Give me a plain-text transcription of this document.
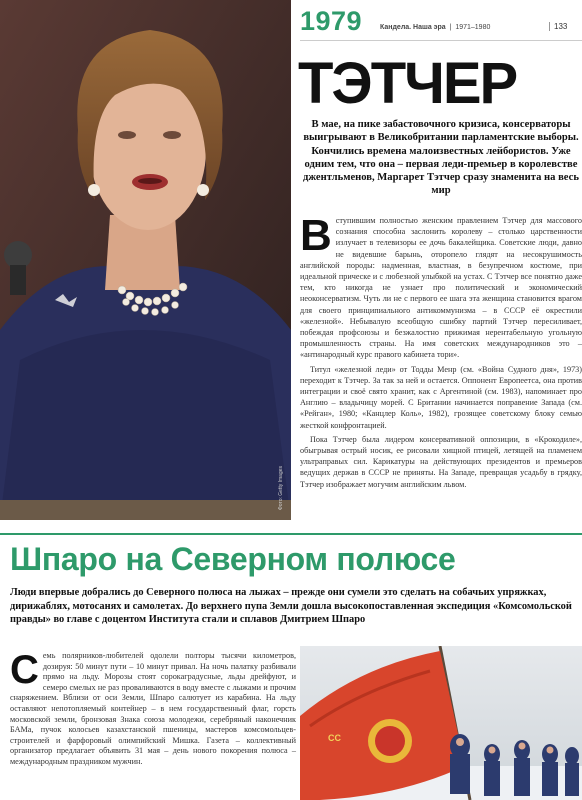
Фото: Getty Images
1979	Кандела. Наша эра  |  1971–1980	133
ТЭТЧЕР
В мае, на пике забастовочного кризиса, консерваторы выигрывают в Великобритании парламентские выборы. Кончились времена малоизвестных лейбористов. Уже одним тем, что она – первая леди-премьер в королевстве джентльменов, Маргарет Тэтчер сразу знаменита на весь мир

Вступившим полностью женским правлением Тэтчер для массового сознания способна заслонить королеву – столько царственности излучает в телевизоры ее дочь бакалейщика. Советские люди, давно не видевшие барынь, оторопело глядят на несокрушимость английской породы: надменная, властная, в безупречном костюме, при идеальной прическе и с любезной улыбкой на устах. С Тэтчер все понятно даже тем, кто никогда не узнает про политический и экономический неоконсерватизм. Чуть ли не с первого ее шага эта женщина становится врагом для своего принципиального антикоммунизма – в СССР её окрестили «железной». Небывалую всеобщую сшибку партий Тэтчер пересиливает, побеждая профсоюзы и безжалостно прижимая нерентабельную угольную промышленность страны. На имя советских международников это – «антинародный курс правого кабинета тори».

Титул «железной леди» от Тодды Менр (см. «Война Судного дня», 1973) переходит к Тэтчер. За так за ней и остается. Оппонент Европеетса, она против интеграции и своё свято хранит, как с Аргентиной (см. 1983), напоминает про Англию – владычицу морей. С Британии начинается поправение Запада (см. «Рейган», 1980; «Канцлер Коль», 1982), грозящее советскому блоку семью жесткой конфронтацией.

Пока Тэтчер была лидером консервативной оппозиции, в «Крокодиле», обыгрывая острый носик, ее рисовали хищной птицей, летящей на пламенем ультраправых сил. Карикатуры на действующих президентов и премьеров ведущих держав в СССР не приняты. На Западе, превращая усадьбу в грядку, Тэтчер изображает могучим английским львом.

Шпаро на Северном полюсе
Люди впервые добрались до Северного полюса на лыжах – прежде они сумели это сделать на собачьих упряжках, дирижаблях, мотосанях и самолетах. До верхнего пупа Земли дошла высокопоставленная экспедиция «Комсомольской правды» во главе с доцентом Института стали и сплавов Дмитрием Шпаро
Семь полярников-любителей одолели полторы тысячи километров, дозируя: 50 минут пути – 10 минут привал. На ночь палатку разбивали прямо на льду. Морозы стоят сорокаградусные, льды дрейфуют, и семеро смелых не раз проваливаются в воду вместе с лыжами и прочим снаряжением. Вблизи от оси Земли, Шпаро салютует из карабина. На льду оставляют непотопляемый контейнер – в нем государственный флаг, горсть московской земли, бронзовая Знака союза молодежи, серебряный наконечник БАМа, пучок колосьев казахстанской пшеницы, мастеров комсомольцев-строителей и фарфоровый олимпийский Мишка. Газета – коллективный организатор предлагает объявить 31 мая – день нового покорения полюса – международным праздником мужчин.
СС
